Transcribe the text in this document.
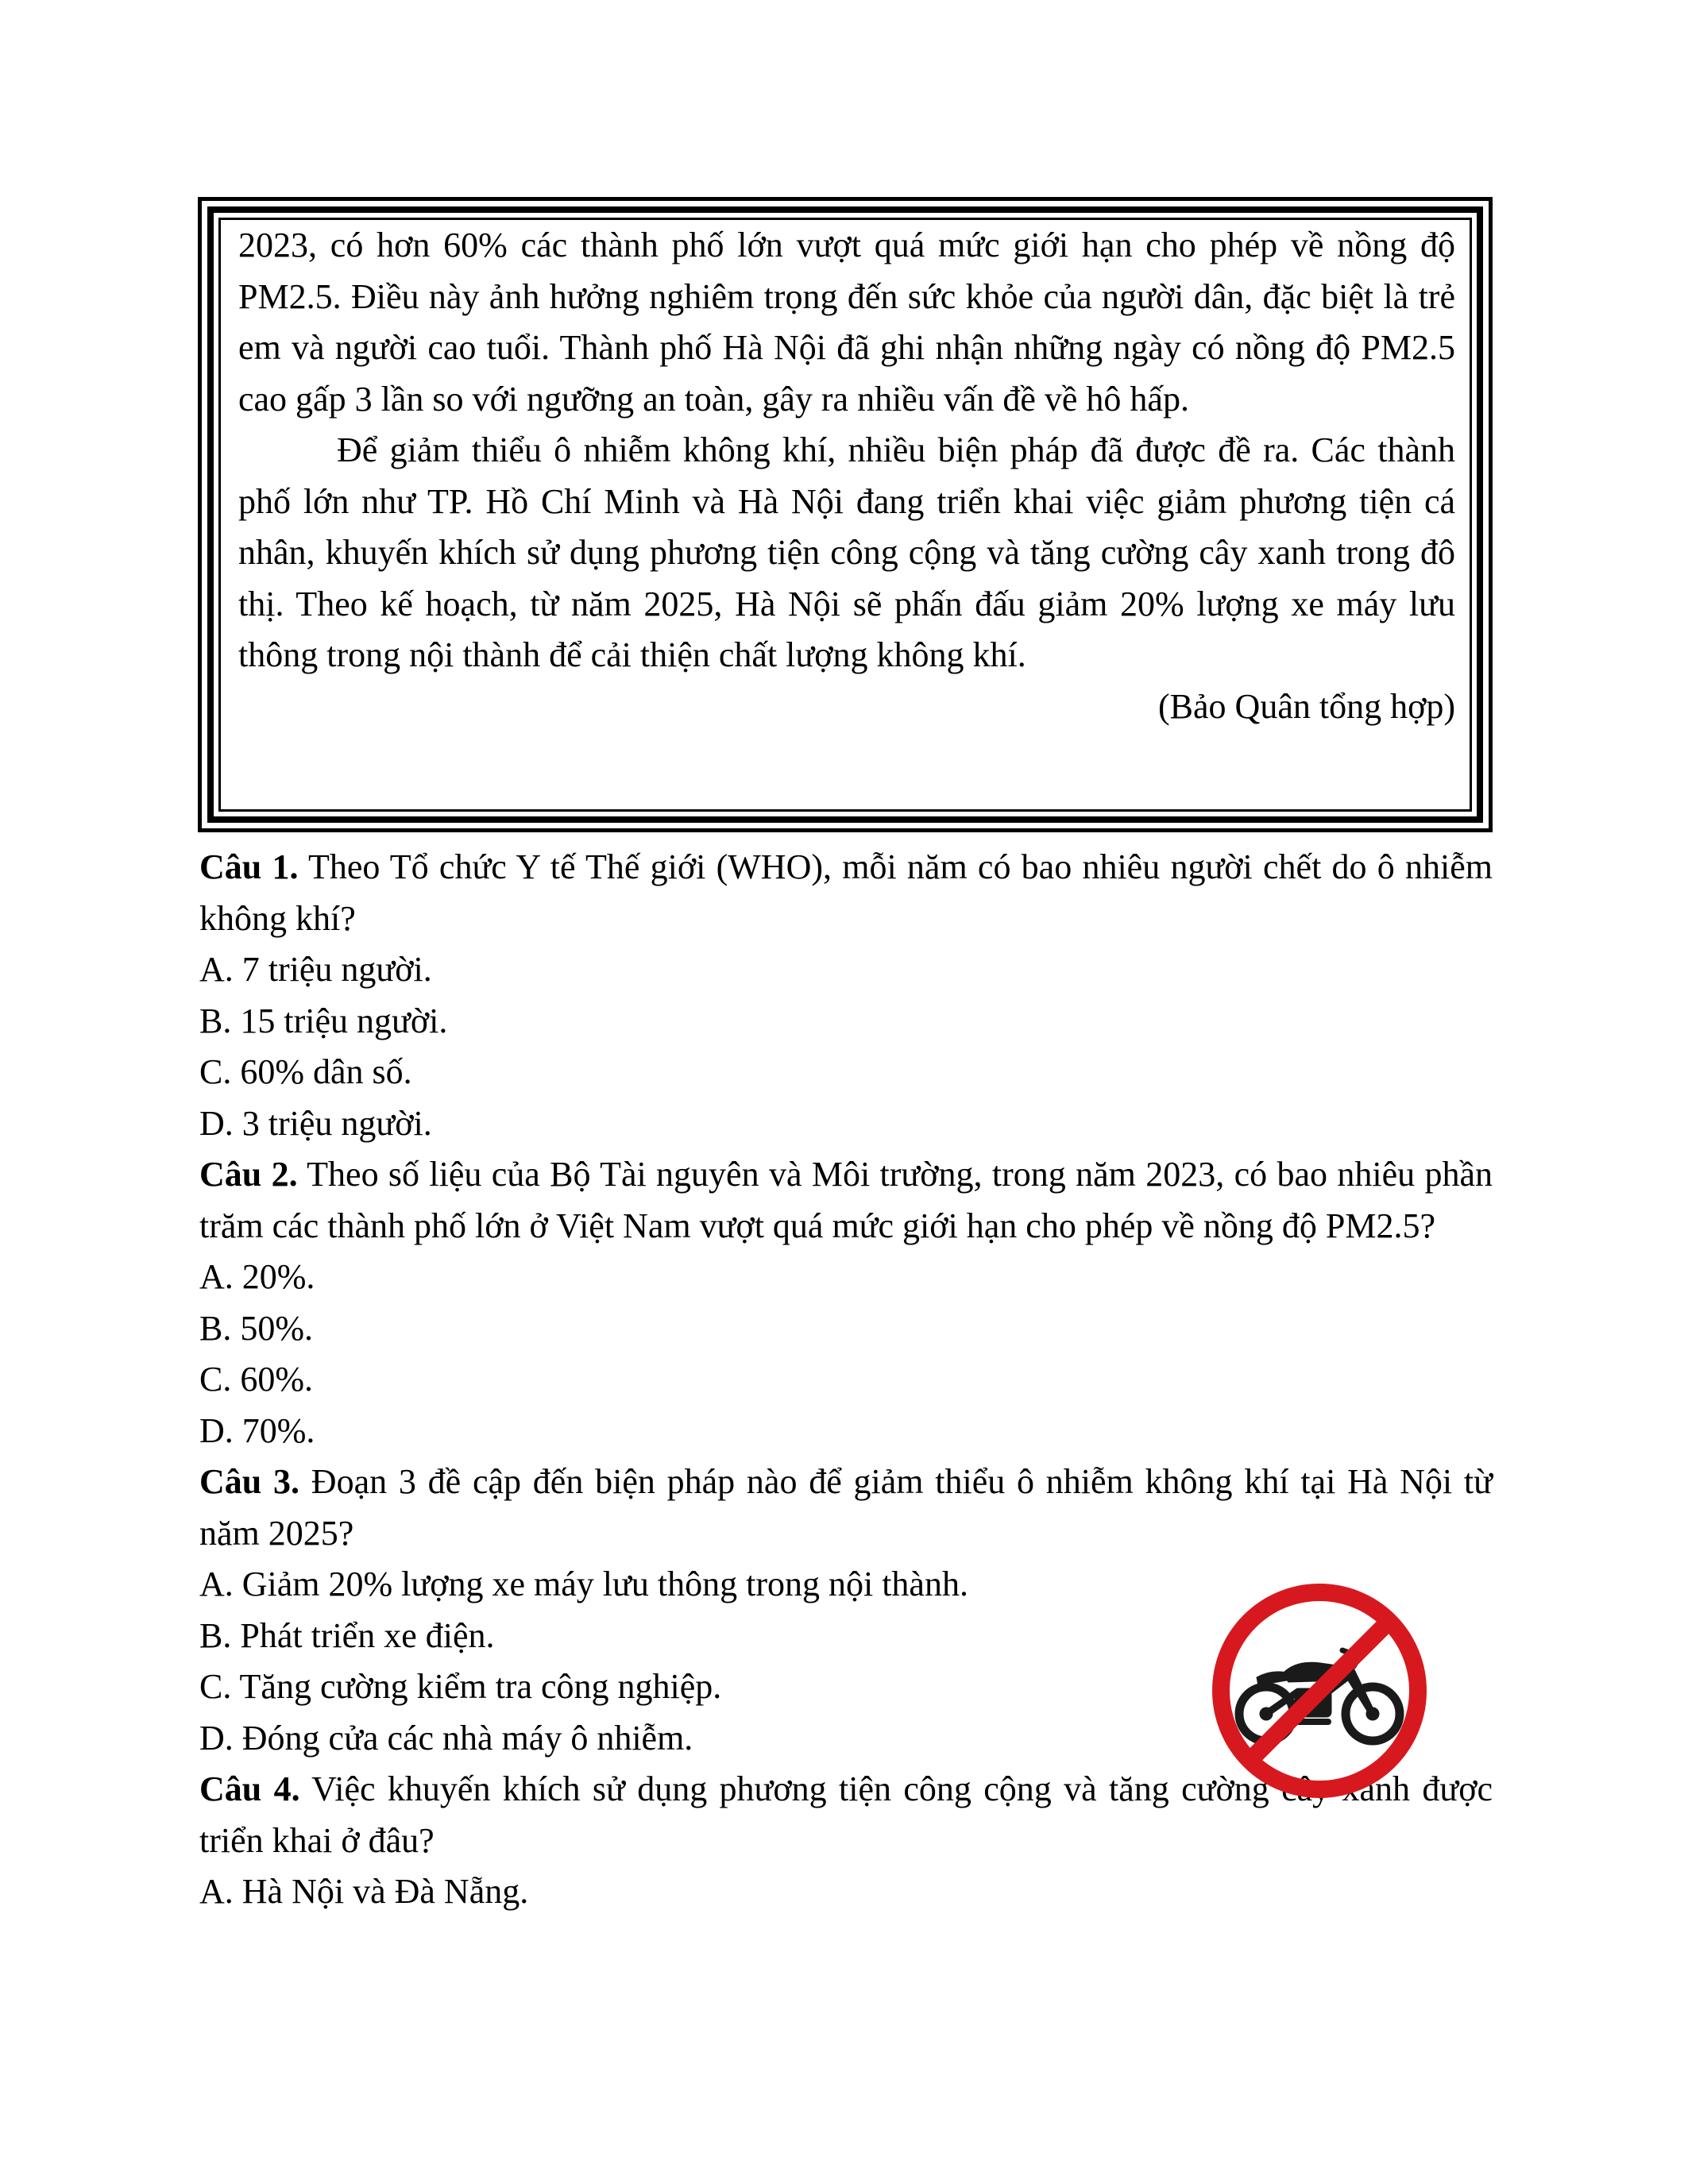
2023, có hơn 60% các thành phố lớn vượt quá mức giới hạn cho phép về nồng độ PM2.5. Điều này ảnh hưởng nghiêm trọng đến sức khỏe của người dân, đặc biệt là trẻ em và người cao tuổi. Thành phố Hà Nội đã ghi nhận những ngày có nồng độ PM2.5 cao gấp 3 lần so với ngưỡng an toàn, gây ra nhiều vấn đề về hô hấp.

Để giảm thiểu ô nhiễm không khí, nhiều biện pháp đã được đề ra. Các thành phố lớn như TP. Hồ Chí Minh và Hà Nội đang triển khai việc giảm phương tiện cá nhân, khuyến khích sử dụng phương tiện công cộng và tăng cường cây xanh trong đô thị. Theo kế hoạch, từ năm 2025, Hà Nội sẽ phấn đấu giảm 20% lượng xe máy lưu thông trong nội thành để cải thiện chất lượng không khí.

(Bảo Quân tổng hợp)

Câu 1. Theo Tổ chức Y tế Thế giới (WHO), mỗi năm có bao nhiêu người chết do ô nhiễm không khí?

A. 7 triệu người.

B. 15 triệu người.

C. 60% dân số.

D. 3 triệu người.

Câu 2. Theo số liệu của Bộ Tài nguyên và Môi trường, trong năm 2023, có bao nhiêu phần trăm các thành phố lớn ở Việt Nam vượt quá mức giới hạn cho phép về nồng độ PM2.5?

A. 20%.

B. 50%.

C. 60%.

D. 70%.

Câu 3. Đoạn 3 đề cập đến biện pháp nào để giảm thiểu ô nhiễm không khí tại Hà Nội từ năm 2025?

A. Giảm 20% lượng xe máy lưu thông trong nội thành.

B. Phát triển xe điện.

C. Tăng cường kiểm tra công nghiệp.

D. Đóng cửa các nhà máy ô nhiễm.

Câu 4. Việc khuyến khích sử dụng phương tiện công cộng và tăng cường cây xanh được triển khai ở đâu?

A. Hà Nội và Đà Nẵng.
